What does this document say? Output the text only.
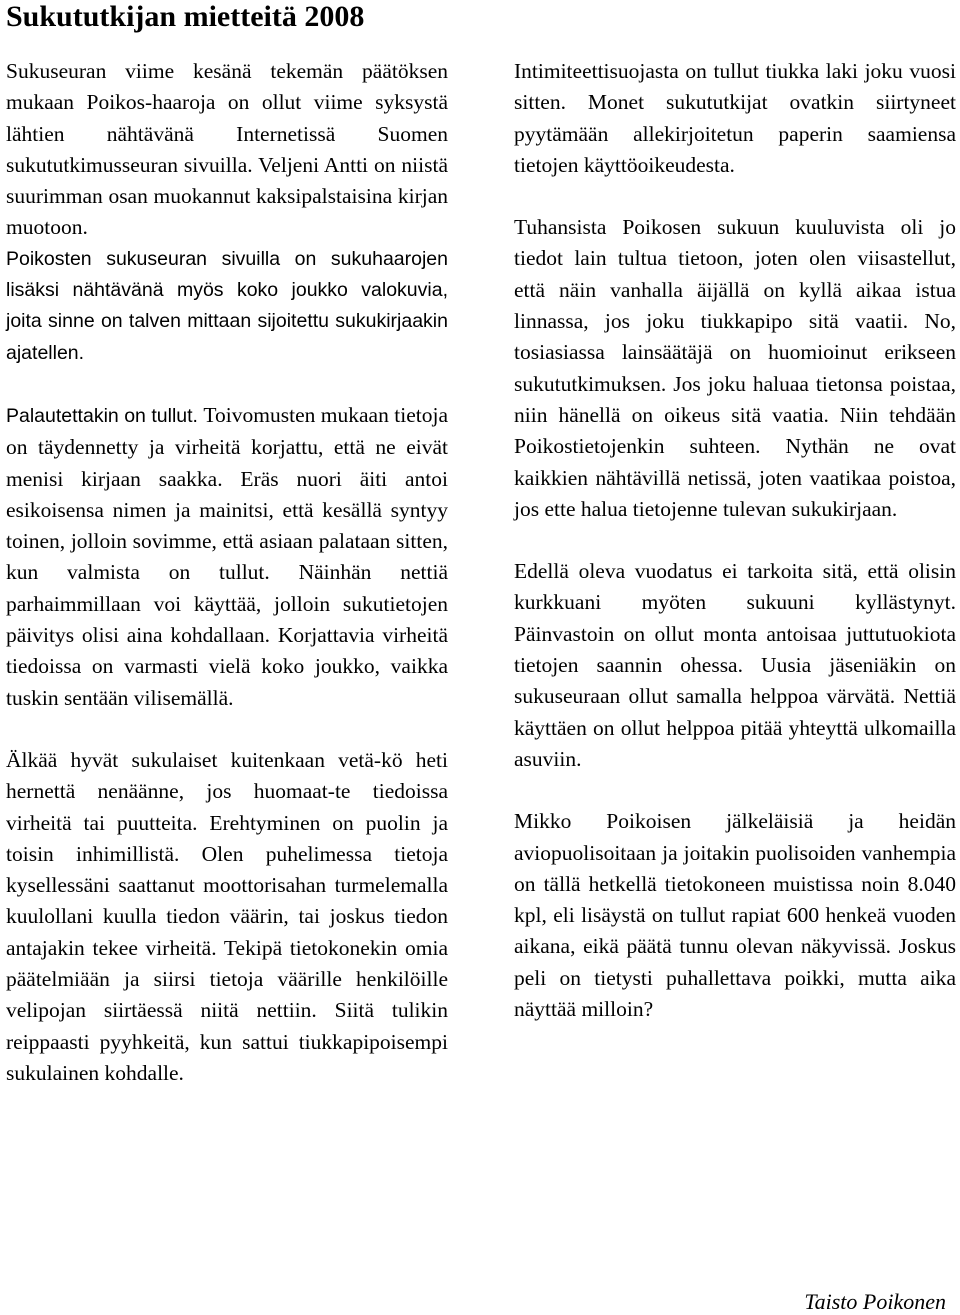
Sukututkijan mietteitä 2008

Sukuseuran viime kesänä tekemän päätöksen mukaan Poikos-haaroja on ollut viime syksystä lähtien nähtävänä Internetissä Suomen sukututkimusseuran sivuilla. Veljeni Antti on niistä suurimman osan muokannut kaksipalstaisina kirjan muotoon.

Poikosten sukuseuran sivuilla on sukuhaarojen lisäksi nähtävänä myös koko joukko valokuvia, joita sinne on talven mittaan sijoitettu sukukirjaakin ajatellen.

Palautettakin on tullut. Toivomusten mukaan tietoja on täydennetty ja virheitä korjattu, että ne eivät menisi kirjaan saakka. Eräs nuori äiti antoi esikoisensa nimen ja mainitsi, että kesällä syntyy toinen, jolloin sovimme, että asiaan palataan sitten, kun valmista on tullut. Näinhän nettiä parhaimmillaan voi käyttää, jolloin sukutietojen päivitys olisi aina kohdallaan. Korjattavia virheitä tiedoissa on varmasti vielä koko joukko, vaikka tuskin sentään vilisemällä.

Älkää hyvät sukulaiset kuitenkaan vetä-kö heti hernettä nenäänne, jos huomaat-te tiedoissa virheitä tai puutteita. Erehtyminen on puolin ja toisin inhimillistä. Olen puhelimessa tietoja kysellessäni saattanut moottorisahan turmelemalla kuulollani kuulla tiedon väärin, tai joskus tiedon antajakin tekee virheitä. Tekipä tietokonekin omia päätelmiään ja siirsi tietoja väärille henkilöille velipojan siirtäessä niitä nettiin. Siitä tulikin reippaasti pyyhkeitä, kun sattui tiukkapipoisempi sukulainen kohdalle.

Intimiteettisuojasta on tullut tiukka laki joku vuosi sitten. Monet sukututkijat ovatkin siirtyneet pyytämään allekirjoitetun paperin saamiensa tietojen käyttöoikeudesta.

Tuhansista Poikosen sukuun kuuluvista oli jo tiedot lain tultua tietoon, joten olen viisastellut, että näin vanhalla äijällä on kyllä aikaa istua linnassa, jos joku tiukkapipo sitä vaatii. No, tosiasiassa lainsäätäjä on huomioinut erikseen sukututkimuksen. Jos joku haluaa tietonsa poistaa, niin hänellä on oikeus sitä vaatia. Niin tehdään Poikostietojenkin suhteen. Nythän ne ovat kaikkien nähtävillä netissä, joten vaatikaa poistoa, jos ette halua tietojenne tulevan sukukirjaan.

Edellä oleva vuodatus ei tarkoita sitä, että olisin kurkkuani myöten sukuuni kyllästynyt. Päinvastoin on ollut monta antoisaa juttutuokiota tietojen saannin ohessa. Uusia jäseniäkin on sukuseuraan ollut samalla helppoa värvätä. Nettiä käyttäen on ollut helppoa pitää yhteyttä ulkomailla asuviin.

Mikko Poikoisen jälkeläisiä ja heidän aviopuolisoitaan ja joitakin puolisoiden vanhempia on tällä hetkellä tietokoneen muistissa noin 8.040 kpl, eli lisäystä on tullut rapiat 600 henkeä vuoden aikana, eikä päätä tunnu olevan näkyvissä. Joskus peli on tietysti puhallettava poikki, mutta aika näyttää milloin?

Taisto Poikonen
